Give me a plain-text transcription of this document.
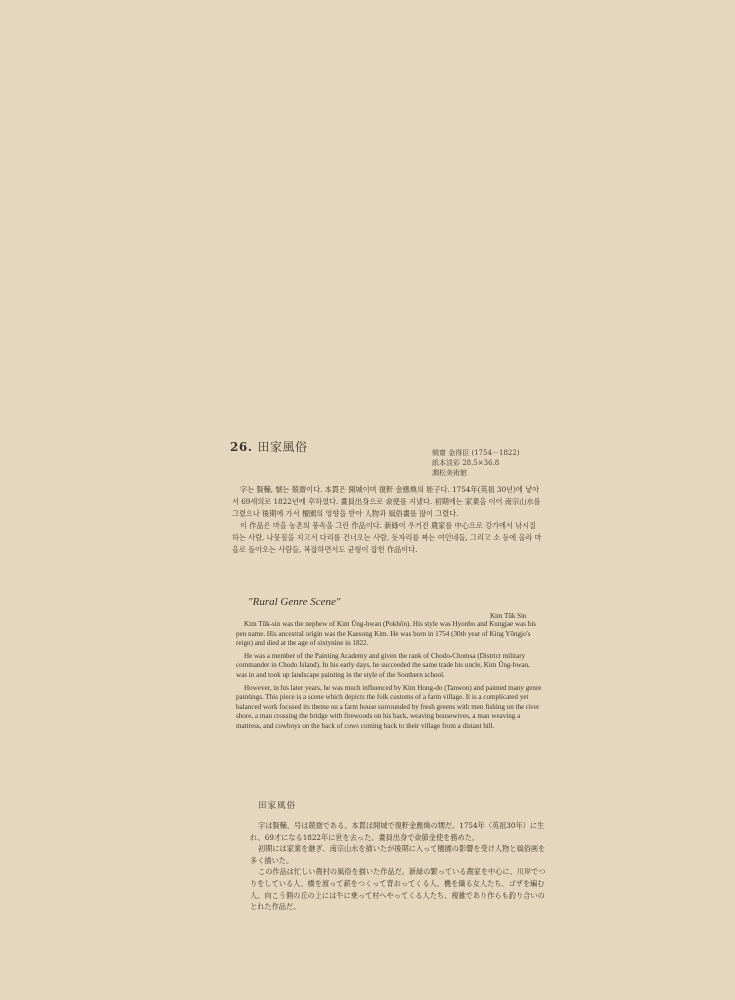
26. 田家風俗	兢齋 金得臣 (1754－1822)
紙本淡彩 28.5×36.8
澗松美術館

字는 賢輔, 號는 兢齋이다. 本貫은 開城이며 復軒 金應煥의 姪子다. 1754年(英祖 30년)에 낳아서 69세의로 1822년에 卒하였다. 畫員出身으로 僉使를 지냈다. 初期에는 家業을 이어 南宗山水를 그렸으나 後期에 가서 檀園의 영향을 받아 人物과 風俗畫를 많이 그렸다.

이 作品은 마을 농촌의 풍속을 그린 作品이다. 新綠이 우거진 農家를 中心으로 강가에서 낚시질 하는 사람, 나뭇짐을 지고서 다리를 건너오는 사람, 돗자리를 짜는 여인네들, 그리고 소 등에 올라 마을로 돌아오는 사람들, 복잡하면서도 균형이 잡힌 作品이다.

"Rural Genre Scene"
Kim Tŭk Sin

Kim Tŭk-sin was the nephew of Kim Ŭng-hwan (Pokhŏn). His style was Hyonbo and Kungjae was his pen name. His ancestral origin was the Kaesong Kim. He was born in 1754 (30th year of King Yŏngjo's reign) and died at the age of sixtynine in 1822.

He was a member of the Painting Academy and given the rank of Chodo-Chomsa (District military commander in Chodo Island). In his early days, he succeeded the same trade his uncle, Kim Ŭng-hwan, was in and took up landscape painting in the style of the Southern school.

However, in his later years, he was much influenced by Kim Hong-do (Tanwon) and painted many genre paintings. This piece is a scene which depicts the folk customs of a farm village. It is a complicated yet balanced work focused its theme on a farm house surrounded by fresh greens with men fishing on the river shore, a man crossing the bridge with firewoods on his back, weaving housewives, a man weaving a mattress, and cowboys on the back of cows coming back to their village from a distant hill.

田家風俗

字は賢輔、号は兢齋である。本貫は開城で復軒金應煥の甥だ。1754年（英祖30年）に生れ、69才になる1822年に世を去った。畫員出身で僉節金使を務めた。

初期には家業を継ぎ、南宗山水を描いたが後期に入って檀園の影響を受け人物と風俗画を多く描いた。

この作品は忙しい農村の風俗を描いた作品だ。新緑の繁っている農家を中心に、川岸でつりをしている人、橋を渡って薪をつくって背おってくる人、機を織る女人たち、ゴザを編む人、向こう側の丘の上には牛に乗って村へやってくる人たち、複雑であり作らも釣り合いのとれた作品だ。
